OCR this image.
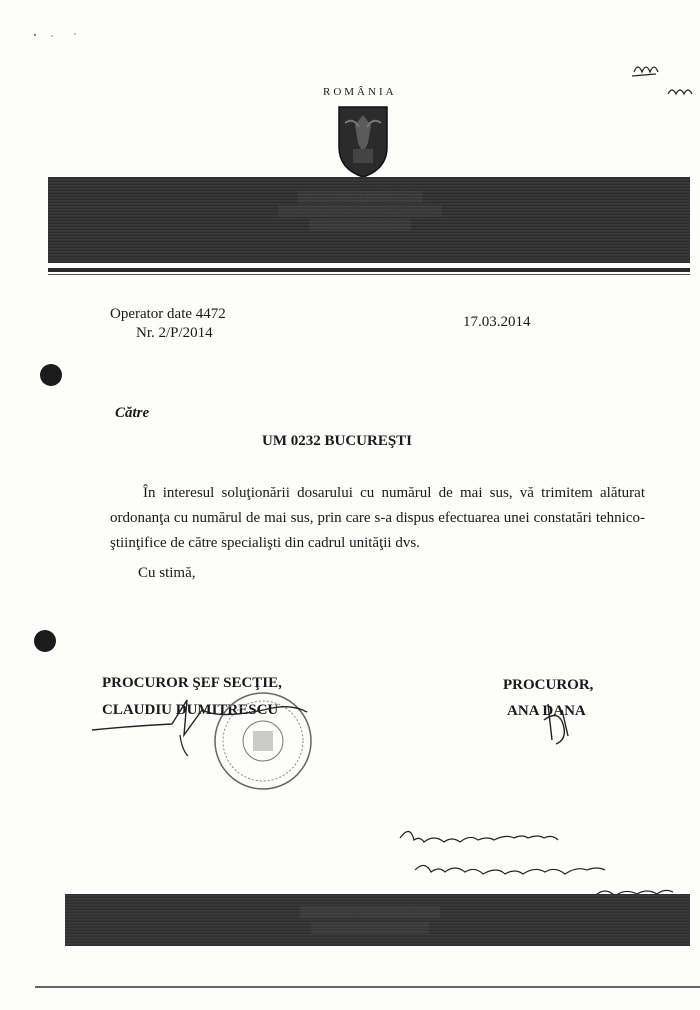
ROMÂNIA
▒▒▒▒▒▒▒▒▒▒▒▒▒▒▒▒
▒▒▒▒▒▒▒▒▒▒▒▒▒▒▒▒▒▒▒▒▒
▒▒▒▒▒▒▒▒▒▒▒▒▒
Operator date 4472
Nr. 2/P/2014
17.03.2014
Către
UM 0232 BUCUREŞTI

În interesul soluţionării dosarului cu numărul de mai sus, vă trimitem alăturat ordonanţa cu numărul de mai sus, prin care s-a dispus efectuarea unei constatări tehnico-ştiinţifice de către specialişti din cadrul unităţii dvs.

Cu stimă,
PROCUROR ŞEF SECŢIE,
CLAUDIU DUMITRESCU
PROCUROR,
ANA DANA
▒▒▒▒▒▒▒▒▒▒▒▒▒▒▒▒▒▒
▒▒▒▒▒▒▒▒▒▒▒▒▒▒▒
